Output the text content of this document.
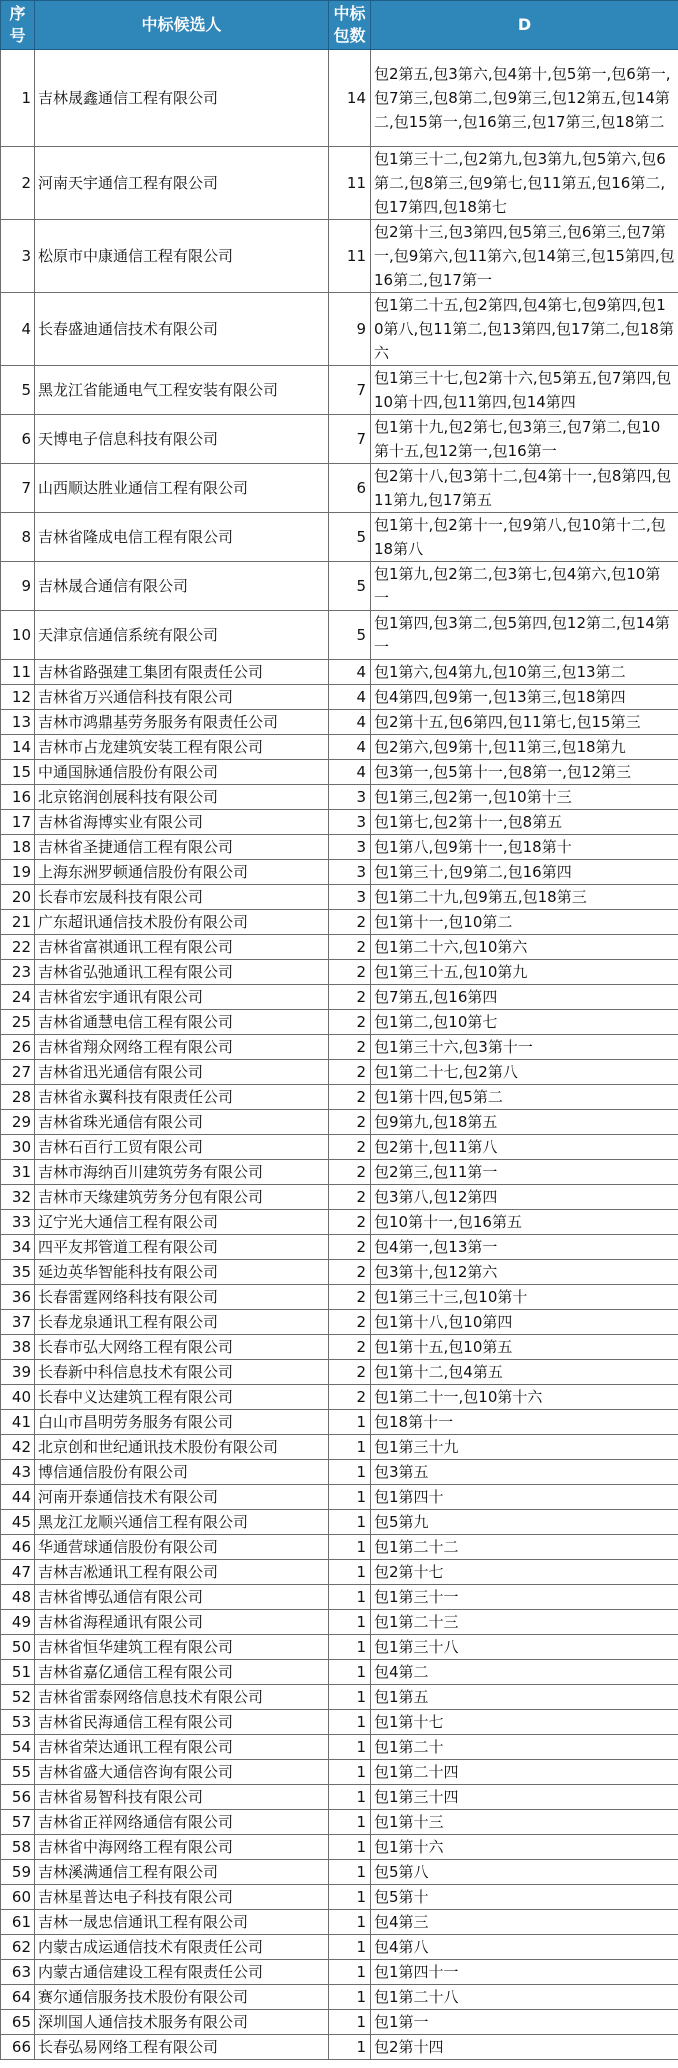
序号	中标候选人	中标包数	D
1	吉林晟鑫通信工程有限公司	14	包2第五,包3第六,包4第十,包5第一,包6第一,包7第三,包8第二,包9第三,包12第五,包14第二,包15第一,包16第三,包17第三,包18第二
2	河南天宇通信工程有限公司	11	包1第三十二,包2第九,包3第九,包5第六,包6第二,包8第三,包9第七,包11第五,包16第二,包17第四,包18第七
3	松原市中康通信工程有限公司	11	包2第十三,包3第四,包5第三,包6第三,包7第一,包9第六,包11第六,包14第三,包15第四,包16第二,包17第一
4	长春盛迪通信技术有限公司	9	包1第二十五,包2第四,包4第七,包9第四,包10第八,包11第二,包13第四,包17第二,包18第六
5	黑龙江省能通电气工程安装有限公司	7	包1第三十七,包2第十六,包5第五,包7第四,包10第十四,包11第四,包14第四
6	天博电子信息科技有限公司	7	包1第十九,包2第七,包3第三,包7第二,包10第十五,包12第一,包16第一
7	山西顺达胜业通信工程有限公司	6	包2第十八,包3第十二,包4第十一,包8第四,包11第九,包17第五
8	吉林省隆成电信工程有限公司	5	包1第十,包2第十一,包9第八,包10第十二,包18第八
9	吉林晟合通信有限公司	5	包1第九,包2第二,包3第七,包4第六,包10第一
10	天津京信通信系统有限公司	5	包1第四,包3第二,包5第四,包12第二,包14第一
11	吉林省路强建工集团有限责任公司	4	包1第六,包4第九,包10第三,包13第二
12	吉林省万兴通信科技有限公司	4	包4第四,包9第一,包13第三,包18第四
13	吉林市鸿鼎基劳务服务有限责任公司	4	包2第十五,包6第四,包11第七,包15第三
14	吉林市占龙建筑安装工程有限公司	4	包2第六,包9第十,包11第三,包18第九
15	中通国脉通信股份有限公司	4	包3第一,包5第十一,包8第一,包12第三
16	北京铭润创展科技有限公司	3	包1第三,包2第一,包10第十三
17	吉林省海博实业有限公司	3	包1第七,包2第十一,包8第五
18	吉林省圣捷通信工程有限公司	3	包1第八,包9第十一,包18第十
19	上海东洲罗顿通信股份有限公司	3	包1第三十,包9第二,包16第四
20	长春市宏晟科技有限公司	3	包1第二十九,包9第五,包18第三
21	广东超讯通信技术股份有限公司	2	包1第十一,包10第二
22	吉林省富祺通讯工程有限公司	2	包1第二十六,包10第六
23	吉林省弘弛通讯工程有限公司	2	包1第三十五,包10第九
24	吉林省宏宇通讯有限公司	2	包7第五,包16第四
25	吉林省通慧电信工程有限公司	2	包1第二,包10第七
26	吉林省翔众网络工程有限公司	2	包1第三十六,包3第十一
27	吉林省迅光通信有限公司	2	包1第二十七,包2第八
28	吉林省永翼科技有限责任公司	2	包1第十四,包5第二
29	吉林省珠光通信有限公司	2	包9第九,包18第五
30	吉林石百行工贸有限公司	2	包2第十,包11第八
31	吉林市海纳百川建筑劳务有限公司	2	包2第三,包11第一
32	吉林市天缘建筑劳务分包有限公司	2	包3第八,包12第四
33	辽宁光大通信工程有限公司	2	包10第十一,包16第五
34	四平友邦管道工程有限公司	2	包4第一,包13第一
35	延边英华智能科技有限公司	2	包3第十,包12第六
36	长春雷霆网络科技有限公司	2	包1第三十三,包10第十
37	长春龙泉通讯工程有限公司	2	包1第十八,包10第四
38	长春市弘大网络工程有限公司	2	包1第十五,包10第五
39	长春新中科信息技术有限公司	2	包1第十二,包4第五
40	长春中义达建筑工程有限公司	2	包1第二十一,包10第十六
41	白山市昌明劳务服务有限公司	1	包18第十一
42	北京创和世纪通讯技术股份有限公司	1	包1第三十九
43	博信通信股份有限公司	1	包3第五
44	河南开泰通信技术有限公司	1	包1第四十
45	黑龙江龙顺兴通信工程有限公司	1	包5第九
46	华通营球通信股份有限公司	1	包1第二十二
47	吉林吉凇通讯工程有限公司	1	包2第十七
48	吉林省博弘通信有限公司	1	包1第三十一
49	吉林省海程通讯有限公司	1	包1第二十三
50	吉林省恒华建筑工程有限公司	1	包1第三十八
51	吉林省嘉亿通信工程有限公司	1	包4第二
52	吉林省雷泰网络信息技术有限公司	1	包1第五
53	吉林省民海通信工程有限公司	1	包1第十七
54	吉林省荣达通讯工程有限公司	1	包1第二十
55	吉林省盛大通信咨询有限公司	1	包1第二十四
56	吉林省易智科技有限公司	1	包1第三十四
57	吉林省正祥网络通信有限公司	1	包1第十三
58	吉林省中海网络工程有限公司	1	包1第十六
59	吉林溪满通信工程有限公司	1	包5第八
60	吉林星普达电子科技有限公司	1	包5第十
61	吉林一晟忠信通讯工程有限公司	1	包4第三
62	内蒙古成运通信技术有限责任公司	1	包4第八
63	内蒙古通信建设工程有限责任公司	1	包1第四十一
64	赛尔通信服务技术股份有限公司	1	包1第二十八
65	深圳国人通信技术服务有限公司	1	包1第一
66	长春弘易网络工程有限公司	1	包2第十四
